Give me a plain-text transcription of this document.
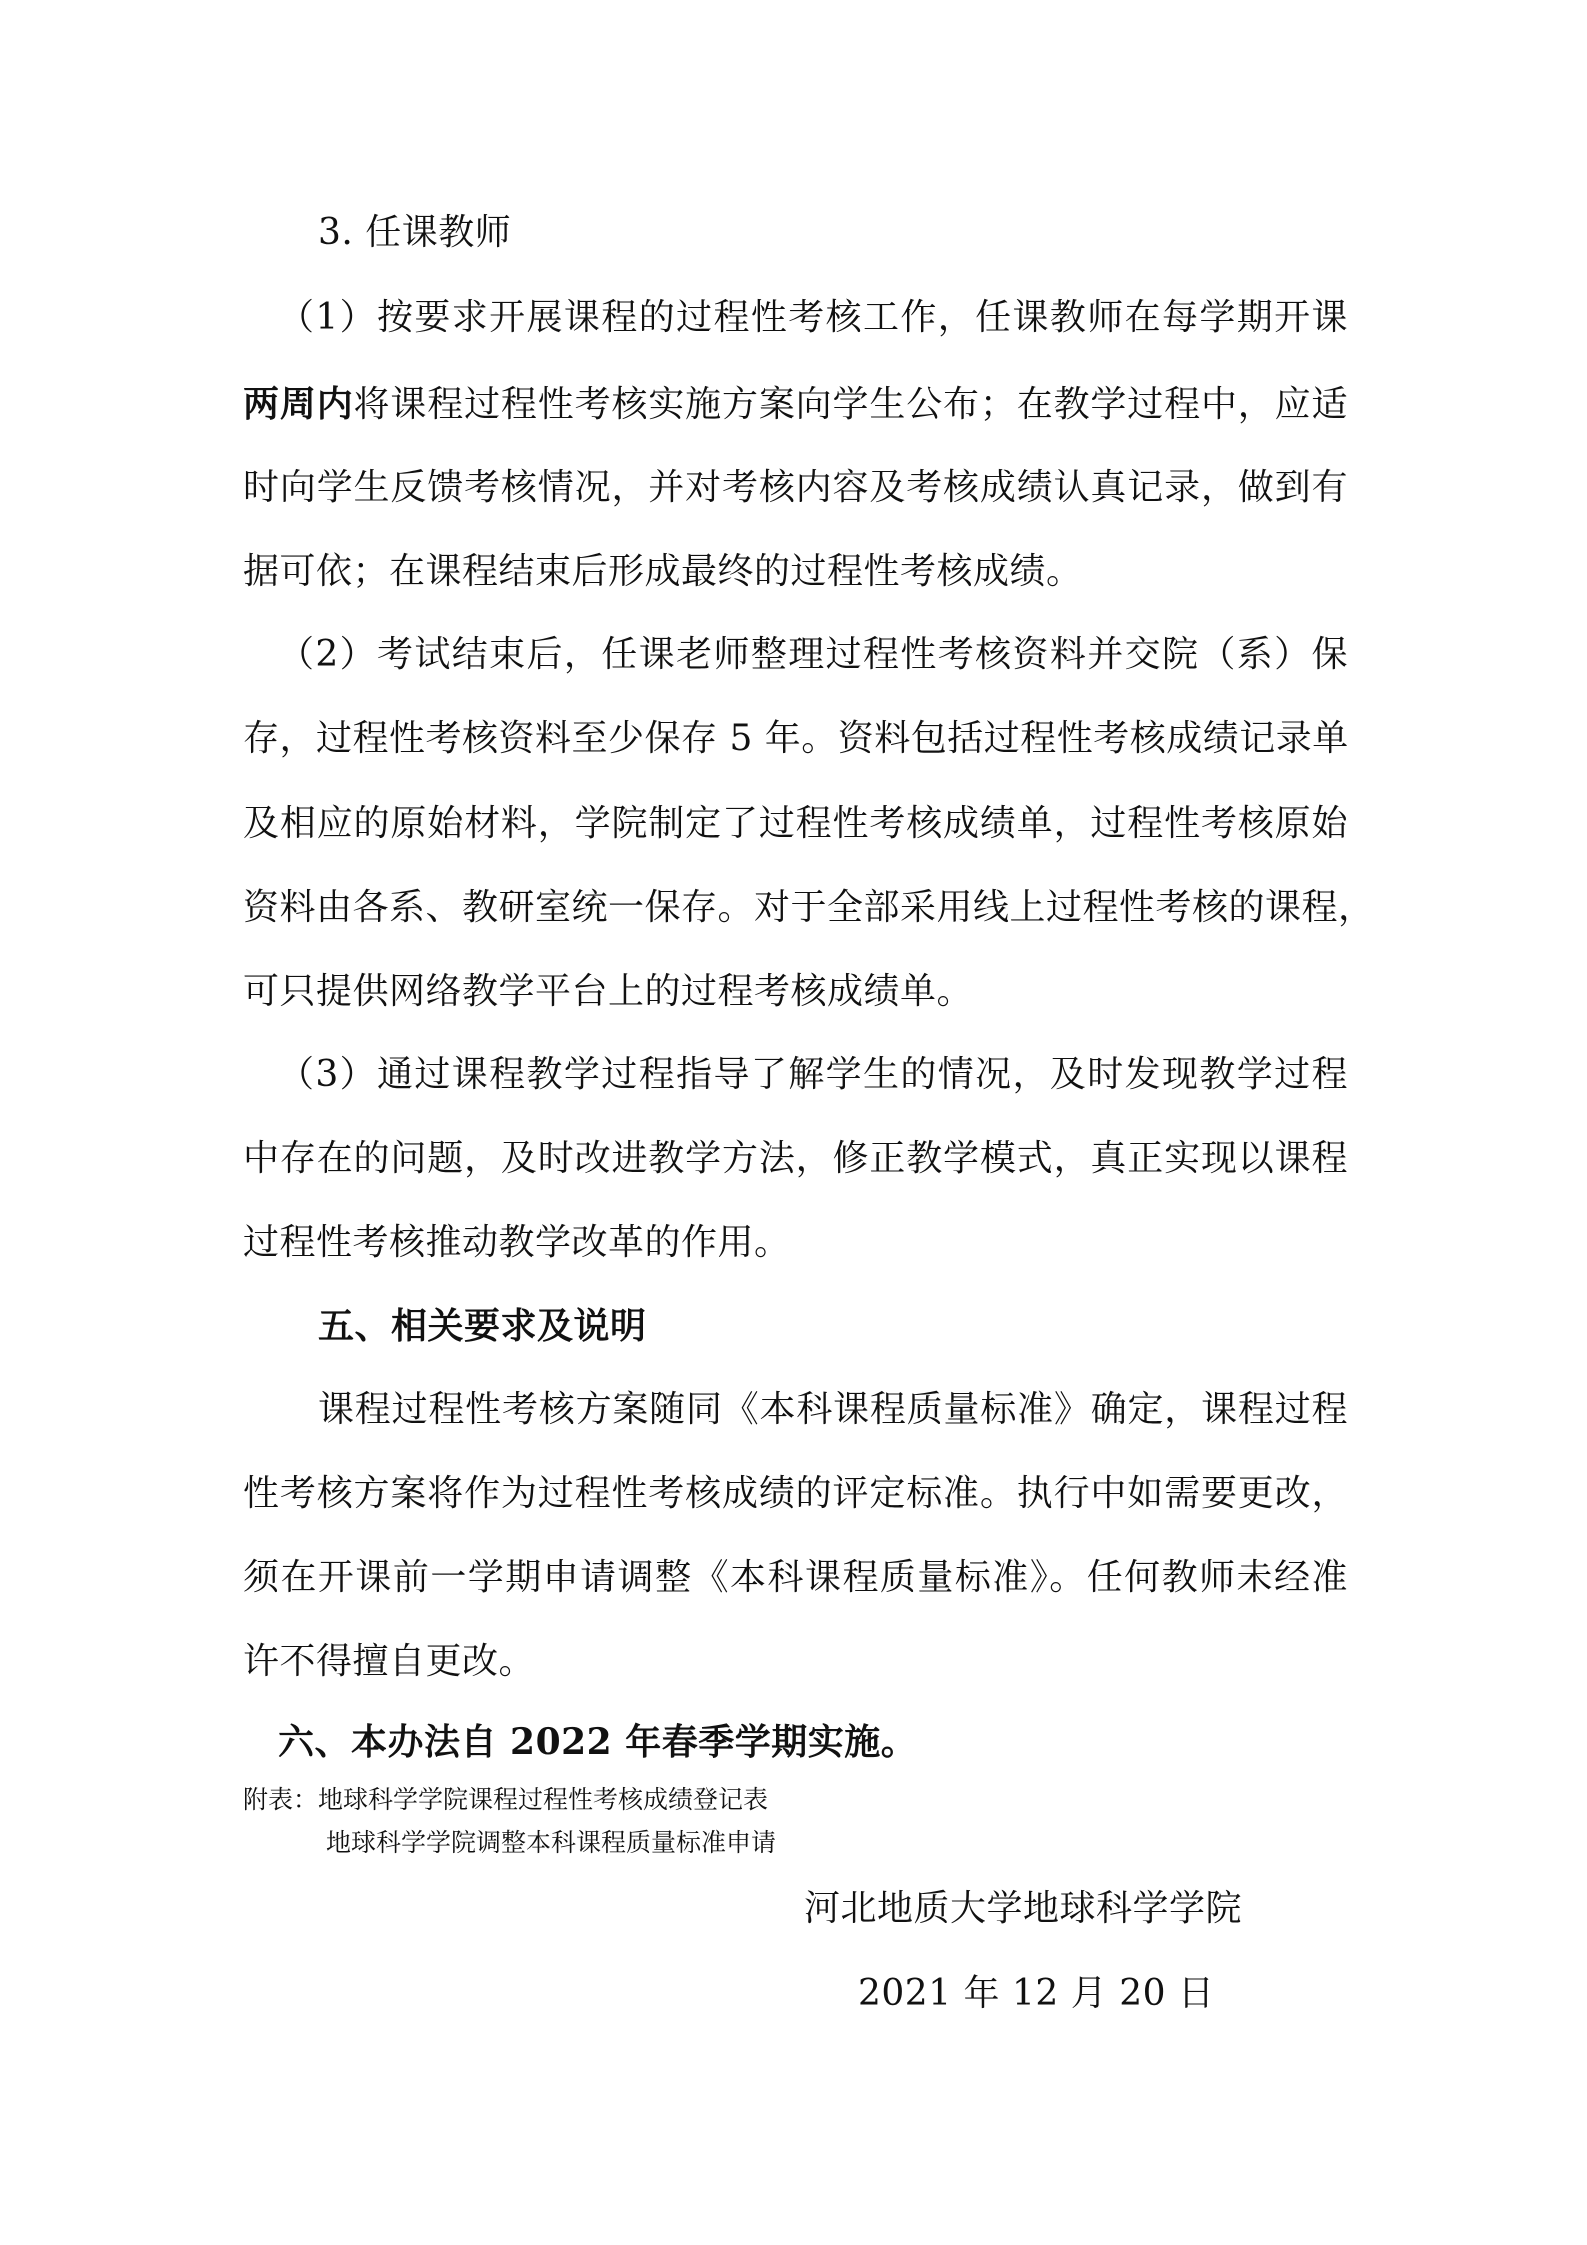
3. 任课教师
（1）按要求开展课程的过程性考核工作，任课教师在每学期开课
两周内将课程过程性考核实施方案向学生公布；在教学过程中，应适
时向学生反馈考核情况，并对考核内容及考核成绩认真记录，做到有
据可依；在课程结束后形成最终的过程性考核成绩。
（2）考试结束后，任课老师整理过程性考核资料并交院（系）保
存，过程性考核资料至少保存 5 年。资料包括过程性考核成绩记录单
及相应的原始材料，学院制定了过程性考核成绩单，过程性考核原始
资料由各系、教研室统一保存。对于全部采用线上过程性考核的课程，
可只提供网络教学平台上的过程考核成绩单。
（3）通过课程教学过程指导了解学生的情况，及时发现教学过程
中存在的问题，及时改进教学方法，修正教学模式，真正实现以课程
过程性考核推动教学改革的作用。
五、相关要求及说明
课程过程性考核方案随同《本科课程质量标准》确定，课程过程
性考核方案将作为过程性考核成绩的评定标准。执行中如需要更改，
须在开课前一学期申请调整《本科课程质量标准》。任何教师未经准
许不得擅自更改。
六、本办法自 2022 年春季学期实施。
附表：地球科学学院课程过程性考核成绩登记表
地球科学学院调整本科课程质量标准申请
河北地质大学地球科学学院
2021 年 12 月 20 日
